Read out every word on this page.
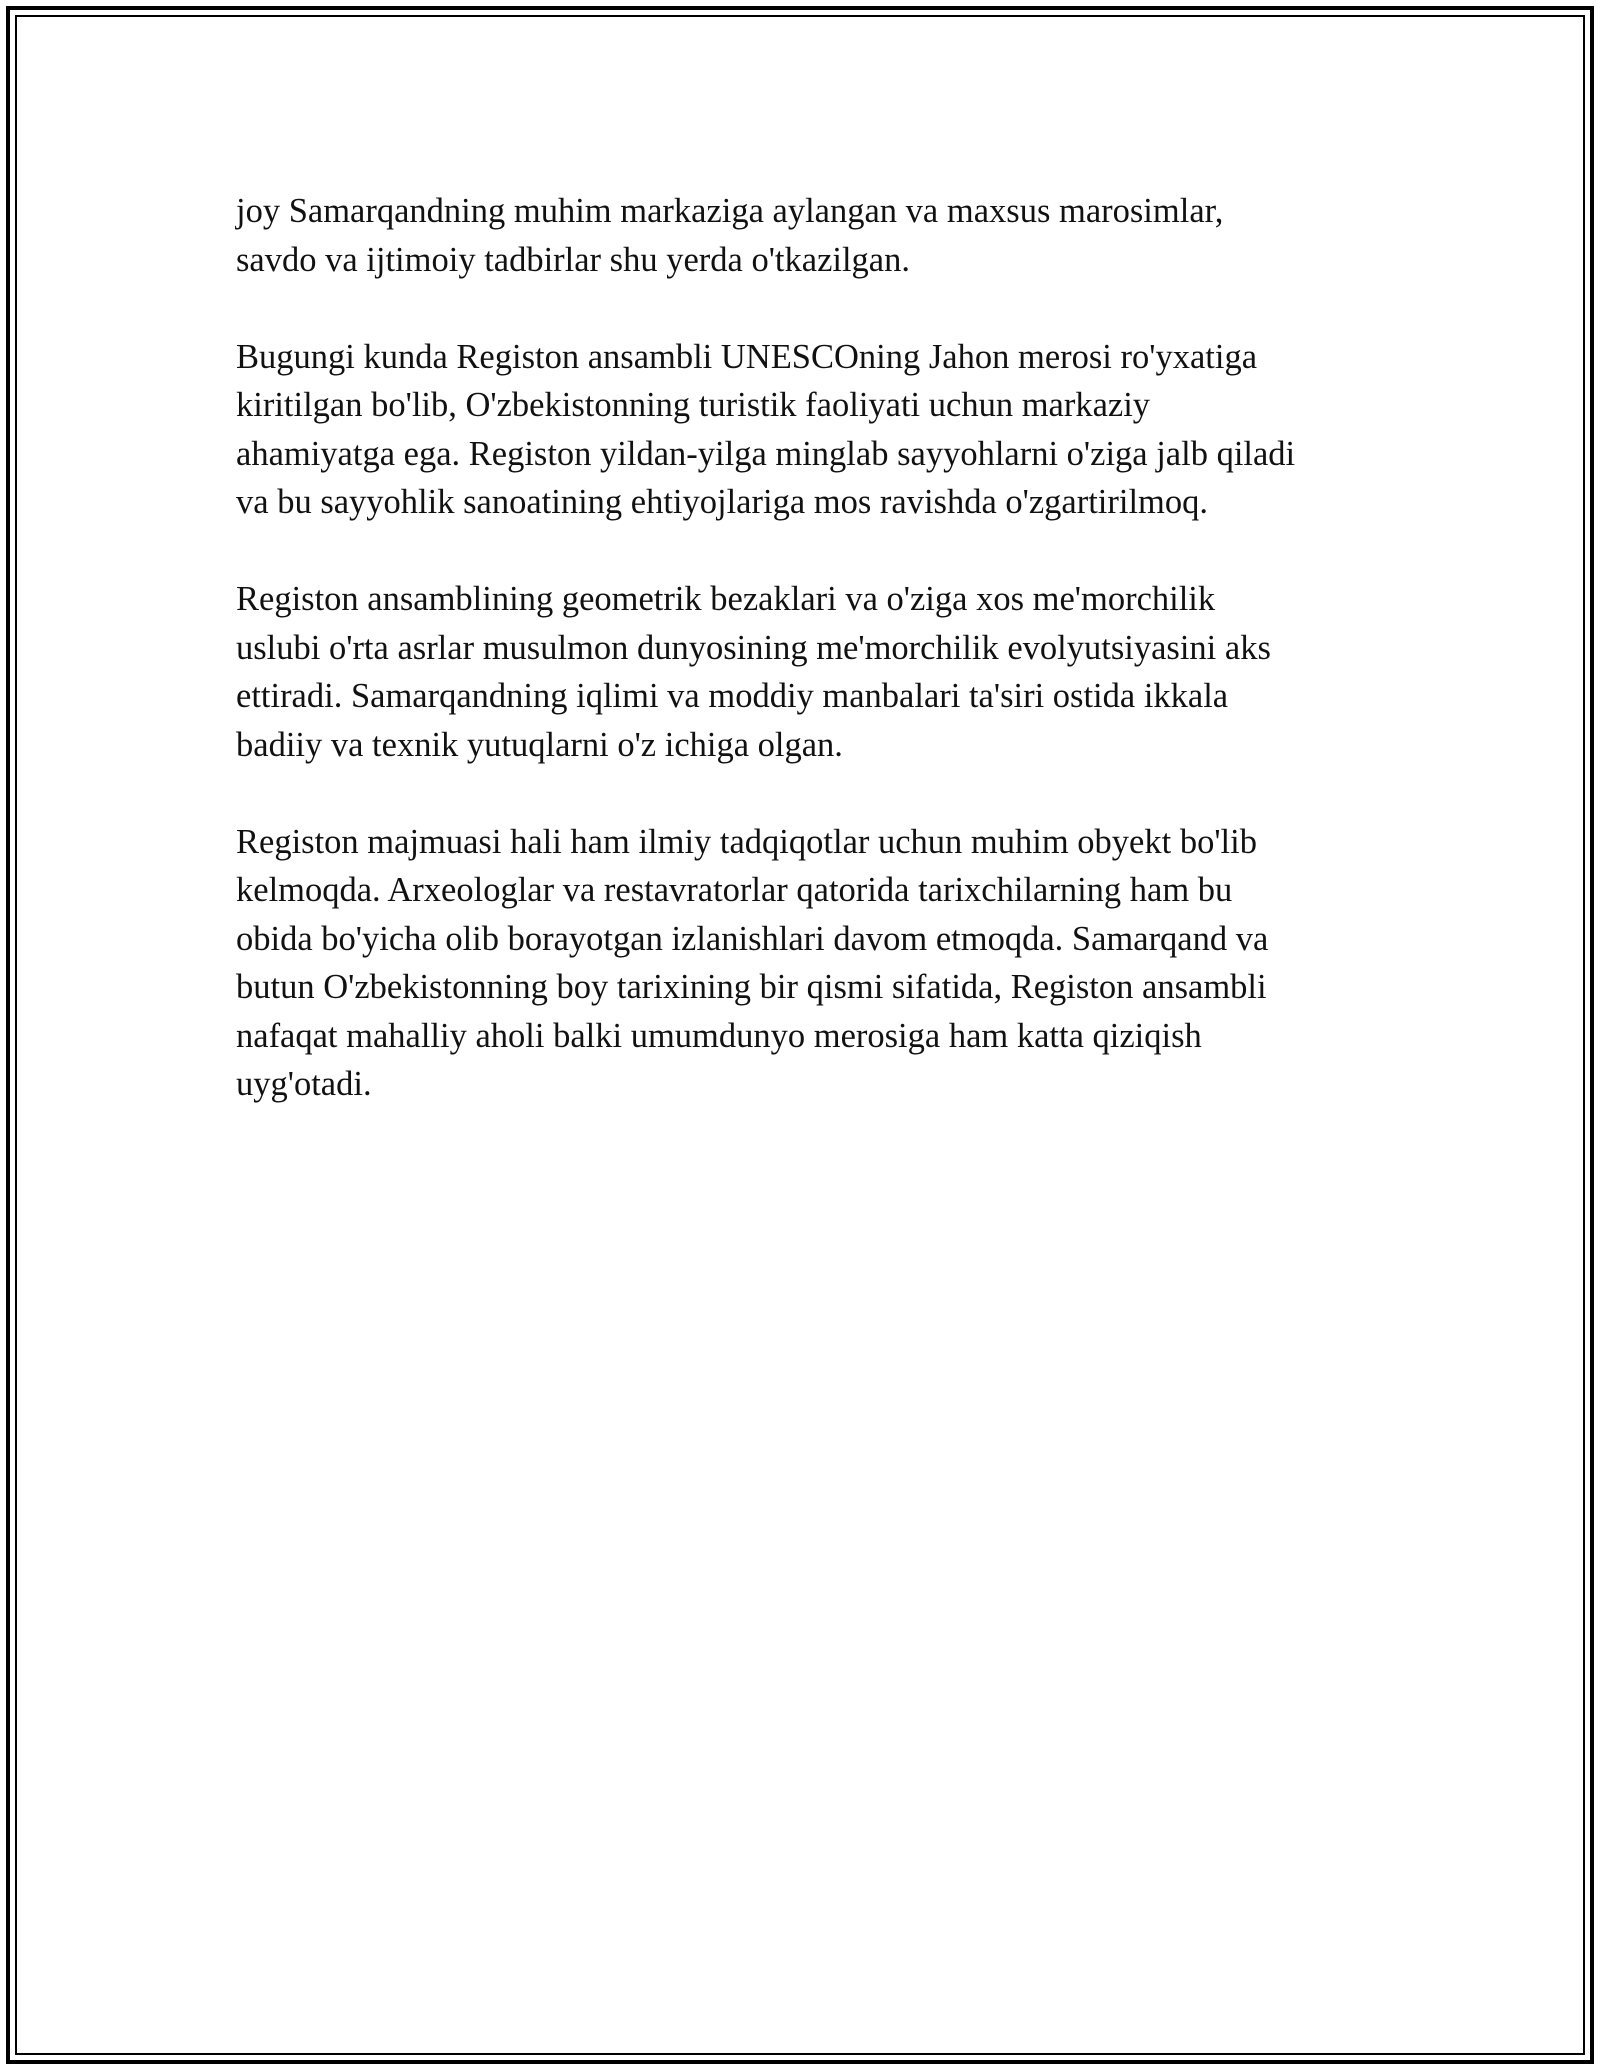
joy Samarqandning muhim markaziga aylangan va maxsus marosimlar,
savdo va ijtimoiy tadbirlar shu yerda o'tkazilgan.

Bugungi kunda Registon ansambli UNESCOning Jahon merosi ro'yxatiga
kiritilgan bo'lib, O'zbekistonning turistik faoliyati uchun markaziy
ahamiyatga ega. Registon yildan-yilga minglab sayyohlarni o'ziga jalb qiladi
va bu sayyohlik sanoatining ehtiyojlariga mos ravishda o'zgartirilmoq.

Registon ansamblining geometrik bezaklari va o'ziga xos me'morchilik
uslubi o'rta asrlar musulmon dunyosining me'morchilik evolyutsiyasini aks
ettiradi. Samarqandning iqlimi va moddiy manbalari ta'siri ostida ikkala
badiiy va texnik yutuqlarni o'z ichiga olgan.

Registon majmuasi hali ham ilmiy tadqiqotlar uchun muhim obyekt bo'lib
kelmoqda. Arxeologlar va restavratorlar qatorida tarixchilarning ham bu
obida bo'yicha olib borayotgan izlanishlari davom etmoqda. Samarqand va
butun O'zbekistonning boy tarixining bir qismi sifatida, Registon ansambli
nafaqat mahalliy aholi balki umumdunyo merosiga ham katta qiziqish
uyg'otadi.
